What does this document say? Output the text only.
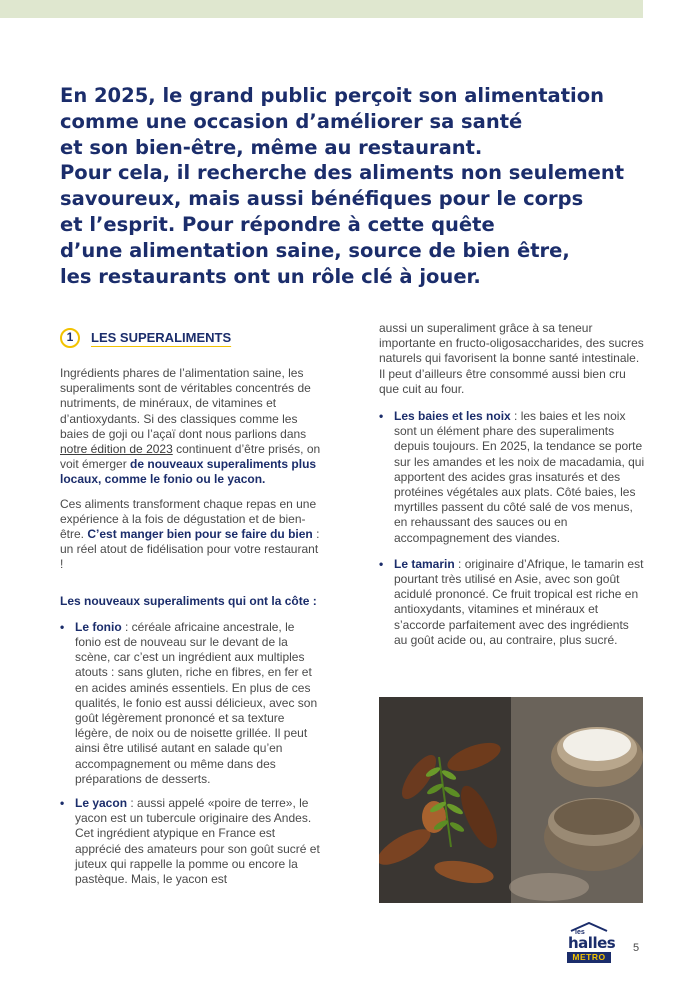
En 2025, le grand public perçoit son alimentation
comme une occasion d’améliorer sa santé
et son bien-être, même au restaurant.
Pour cela, il recherche des aliments non seulement
savoureux, mais aussi bénéfiques pour le corps
et l’esprit. Pour répondre à cette quête
d’une alimentation saine, source de bien être,
les restaurants ont un rôle clé à jouer.
1	LES SUPERALIMENTS

Ingrédients phares de l’alimentation saine, les superaliments sont de véritables concentrés de nutriments, de minéraux, de vitamines et d’antioxydants. Si des classiques comme les baies de goji ou l’açaï dont nous parlions dans notre édition de 2023 continuent d’être prisés, on voit émerger de nouveaux superaliments plus locaux, comme le fonio ou le yacon.

Ces aliments transforment chaque repas en une expérience à la fois de dégustation et de bien-être. C’est manger bien pour se faire du bien : un réel atout de fidélisation pour votre restaurant !

Les nouveaux superaliments qui ont la côte :

• Le fonio : céréale africaine ancestrale, le fonio est de nouveau sur le devant de la scène, car c’est un ingrédient aux multiples atouts : sans gluten, riche en fibres, en fer et en acides aminés essentiels. En plus de ces qualités, le fonio est aussi délicieux, avec son goût légèrement prononcé et sa texture légère, de noix ou de noisette grillée. Il peut ainsi être utilisé autant en salade qu’en accompagnement ou même dans des préparations de desserts.
• Le yacon : aussi appelé «poire de terre», le yacon est un tubercule originaire des Andes. Cet ingrédient atypique en France est apprécié des amateurs pour son goût sucré et juteux qui rappelle la pomme ou encore la pastèque. Mais, le yacon est

aussi un superaliment grâce à sa teneur importante en fructo-oligosaccharides, des sucres naturels qui favorisent la bonne santé intestinale. Il peut d’ailleurs être consommé aussi bien cru que cuit au four.

• Les baies et les noix : les baies et les noix sont un élément phare des superaliments depuis toujours. En 2025, la tendance se porte sur les amandes et les noix de macadamia, qui apportent des acides gras insaturés et des protéines végétales aux plats. Côté baies, les myrtilles passent du côté salé de vos menus, en rehaussant des sauces ou en accompagnement des viandes.
• Le tamarin : originaire d’Afrique, le tamarin est pourtant très utilisé en Asie, avec son goût acidulé prononcé. Ce fruit tropical est riche en antioxydants, vitamines et minéraux et s’accorde parfaitement avec des ingrédients au goût acide ou, au contraire, plus sucré.
les
halles
METRO
5
